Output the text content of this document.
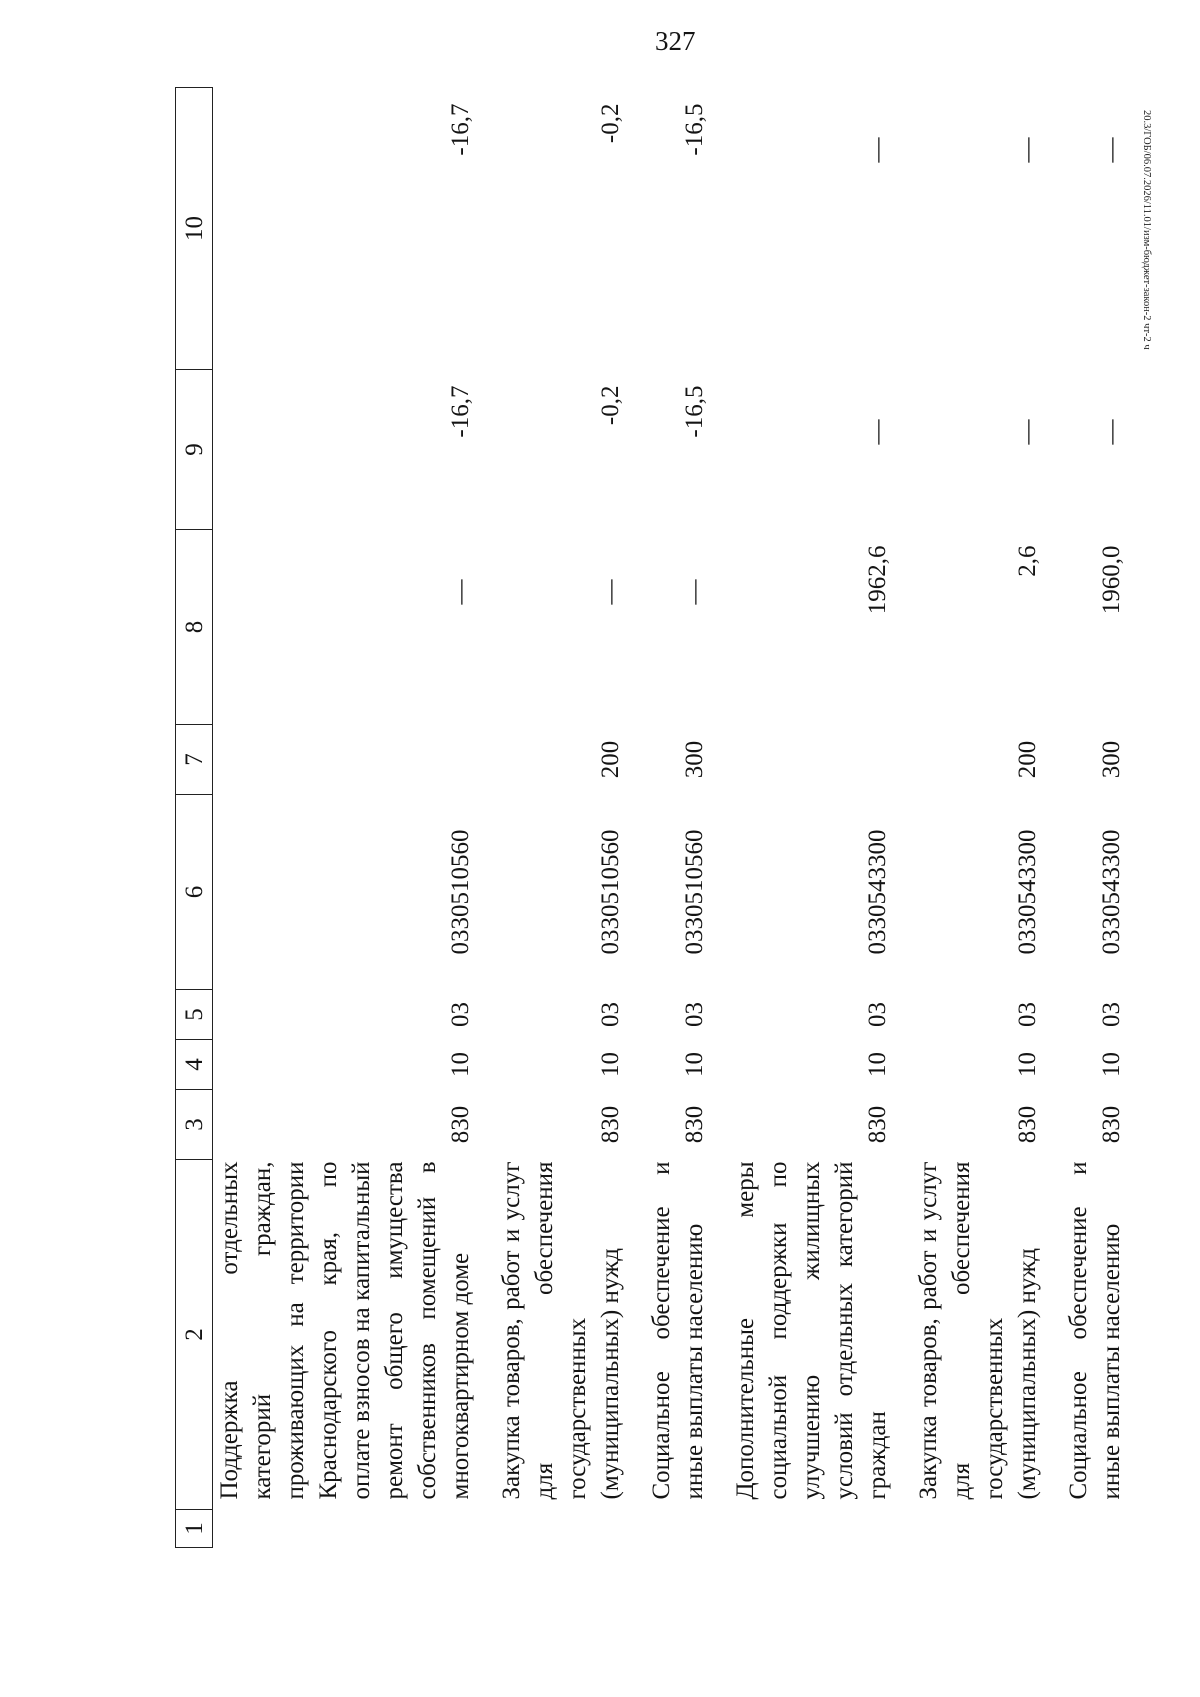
327
20.3/ГОБ/06.07.2026/11.01/изм-бюджет-закон-2 чт-2 ч
1	2	3	4	5	6	7	8	9	10
	Поддержка отдельных категорий граждан, проживающих на территории Краснодарского края, по оплате взносов на капитальный ремонт общего имущества собственников помещений в многоквартирном доме	830	10	03	0330510560		—	-16,7	-16,7
	Закупка товаров, работ и услуг для обеспечения государственных (муниципальных) нужд	830	10	03	0330510560	200	—	-0,2	-0,2
	Социальное обеспечение и иные выплаты населению	830	10	03	0330510560	300	—	-16,5	-16,5
	Дополнительные меры социальной поддержки по улучшению жилищных условий отдельных категорий граждан	830	10	03	0330543300		1962,6	—	—
	Закупка товаров, работ и услуг для обеспечения государственных (муниципальных) нужд	830	10	03	0330543300	200	2,6	—	—
	Социальное обеспечение и иные выплаты населению	830	10	03	0330543300	300	1960,0	—	—
